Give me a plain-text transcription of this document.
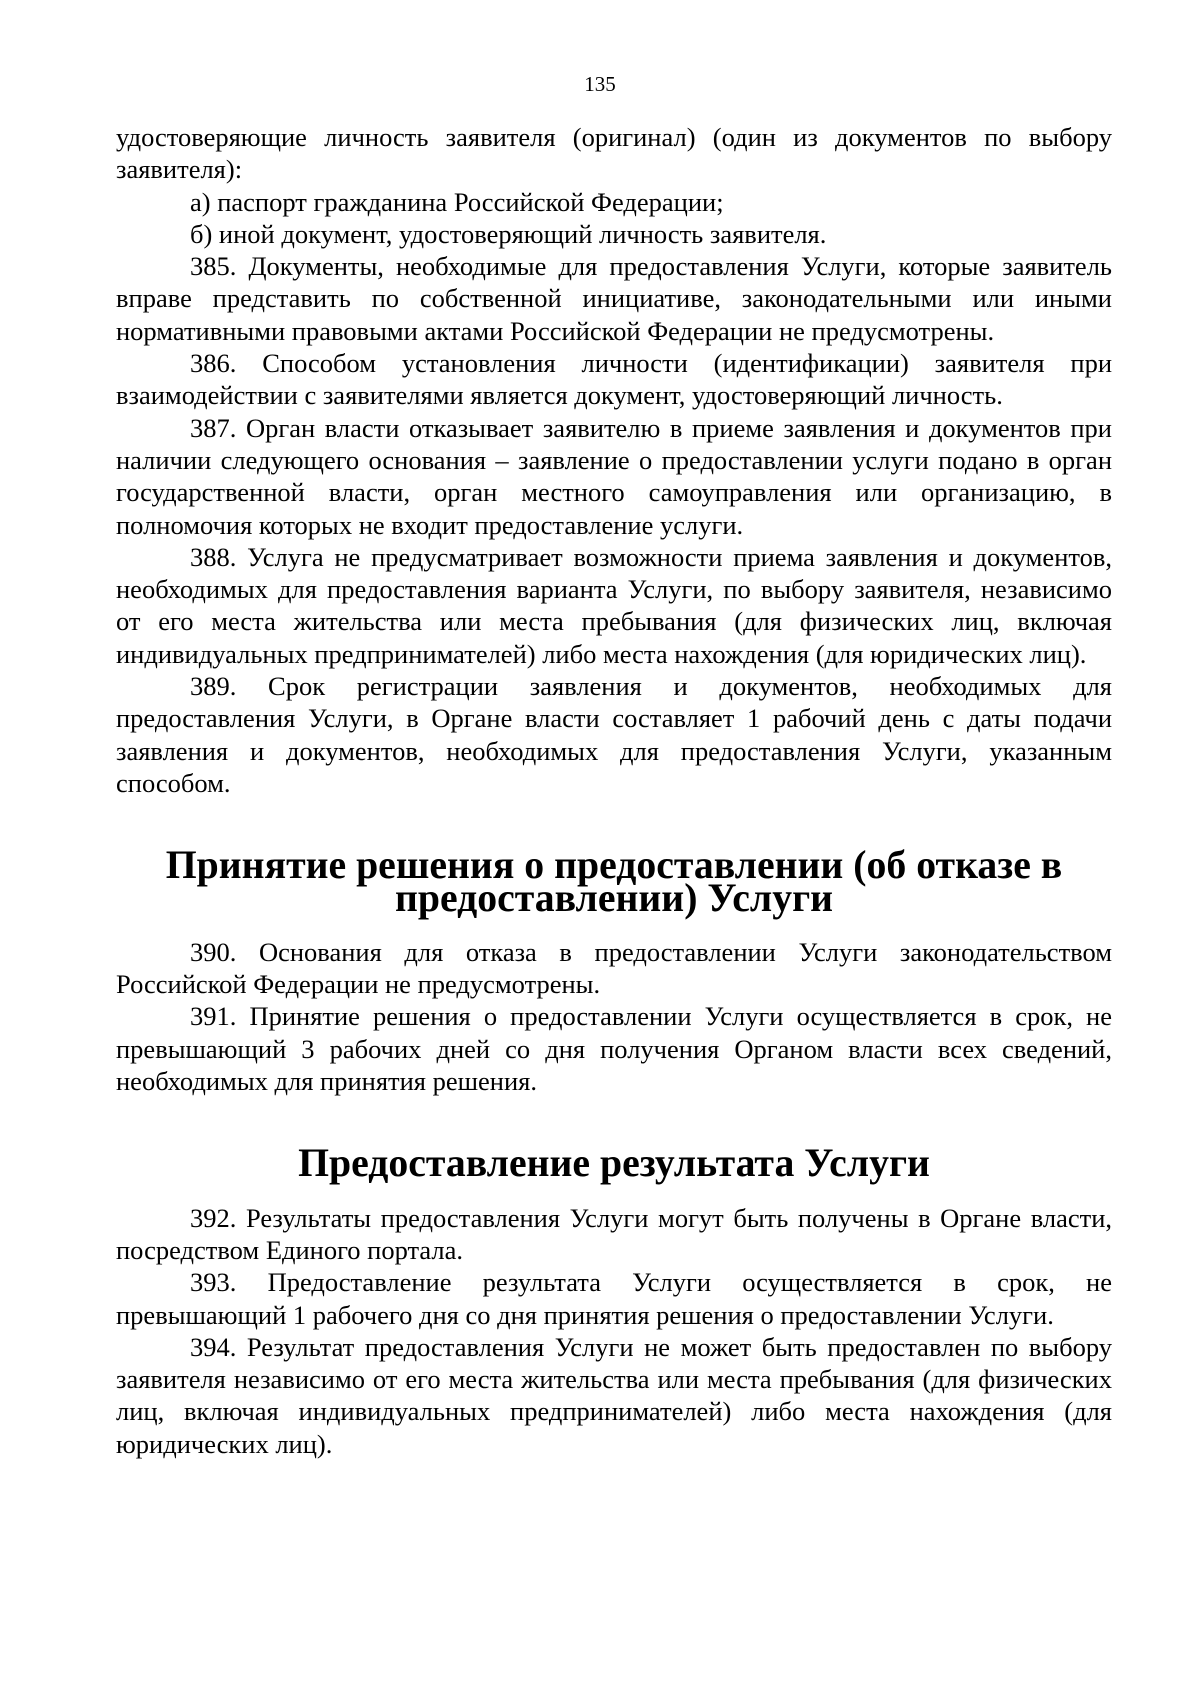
135

удостоверяющие личность заявителя (оригинал) (один из документов по выбору заявителя):

а) паспорт гражданина Российской Федерации;

б) иной документ, удостоверяющий личность заявителя.

385. Документы, необходимые для предоставления Услуги, которые заявитель вправе представить по собственной инициативе, законодательными или иными нормативными правовыми актами Российской Федерации не предусмотрены.

386. Способом установления личности (идентификации) заявителя при взаимодействии с заявителями является документ, удостоверяющий личность.

387. Орган власти отказывает заявителю в приеме заявления и документов при наличии следующего основания – заявление о предоставлении услуги подано в орган государственной власти, орган местного самоуправления или организацию, в полномочия которых не входит предоставление услуги.

388. Услуга не предусматривает возможности приема заявления и документов, необходимых для предоставления варианта Услуги, по выбору заявителя, независимо от его места жительства или места пребывания (для физических лиц, включая индивидуальных предпринимателей) либо места нахождения (для юридических лиц).

389. Срок регистрации заявления и документов, необходимых для предоставления Услуги, в Органе власти составляет 1 рабочий день с даты подачи заявления и документов, необходимых для предоставления Услуги, указанным способом.

Принятие решения о предоставлении (об отказе в предоставлении) Услуги

390. Основания для отказа в предоставлении Услуги законодательством Российской Федерации не предусмотрены.

391. Принятие решения о предоставлении Услуги осуществляется в срок, не превышающий 3 рабочих дней со дня получения Органом власти всех сведений, необходимых для принятия решения.

Предоставление результата Услуги

392. Результаты предоставления Услуги могут быть получены в Органе власти, посредством Единого портала.

393. Предоставление результата Услуги осуществляется в срок, не превышающий 1 рабочего дня со дня принятия решения о предоставлении Услуги.

394. Результат предоставления Услуги не может быть предоставлен по выбору заявителя независимо от его места жительства или места пребывания (для физических лиц, включая индивидуальных предпринимателей) либо места нахождения (для юридических лиц).
